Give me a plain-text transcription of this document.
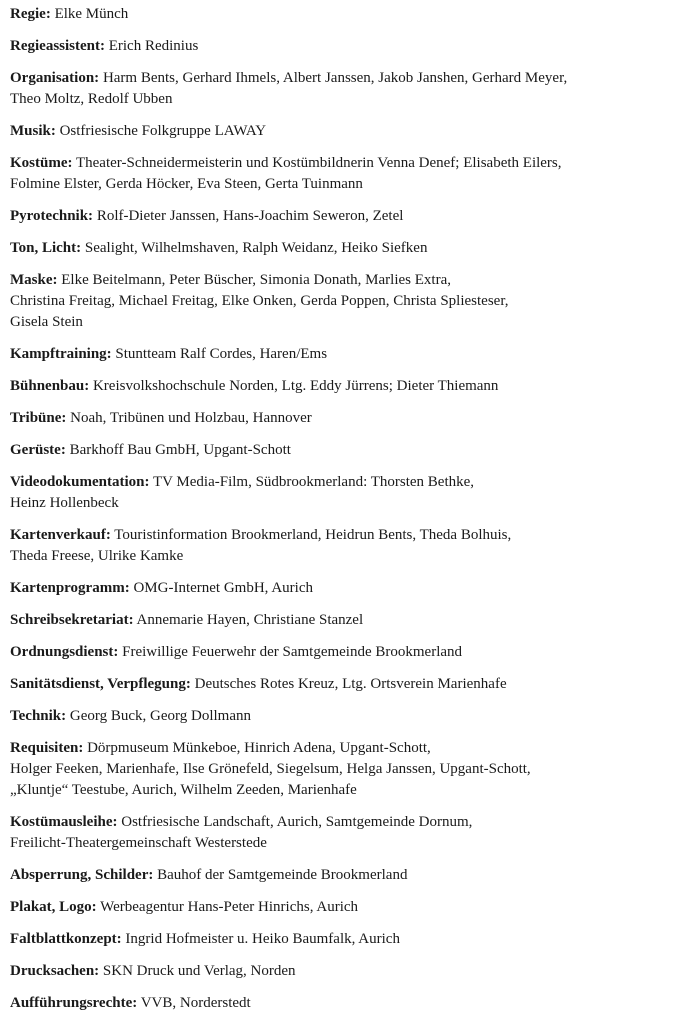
Regie: Elke Münch
Regieassistent: Erich Redinius
Organisation: Harm Bents, Gerhard Ihmels, Albert Janssen, Jakob Janshen, Gerhard Meyer,
Theo Moltz, Redolf Ubben
Musik: Ostfriesische Folkgruppe LAWAY
Kostüme: Theater-Schneidermeisterin und Kostümbildnerin Venna Denef; Elisabeth Eilers,
Folmine Elster, Gerda Höcker, Eva Steen, Gerta Tuinmann
Pyrotechnik: Rolf-Dieter Janssen, Hans-Joachim Seweron, Zetel
Ton, Licht: Sealight, Wilhelmshaven, Ralph Weidanz, Heiko Siefken
Maske: Elke Beitelmann, Peter Büscher, Simonia Donath, Marlies Extra,
Christina Freitag, Michael Freitag, Elke Onken, Gerda Poppen, Christa Spliesteser,
Gisela Stein
Kampftraining: Stuntteam Ralf Cordes, Haren/Ems
Bühnenbau: Kreisvolkshochschule Norden, Ltg. Eddy Jürrens; Dieter Thiemann
Tribüne: Noah, Tribünen und Holzbau, Hannover
Gerüste: Barkhoff Bau GmbH, Upgant-Schott
Videodokumentation: TV Media-Film, Südbrookmerland: Thorsten Bethke,
Heinz Hollenbeck
Kartenverkauf: Touristinformation Brookmerland, Heidrun Bents, Theda Bolhuis,
Theda Freese, Ulrike Kamke
Kartenprogramm: OMG-Internet GmbH, Aurich
Schreibsekretariat: Annemarie Hayen, Christiane Stanzel
Ordnungsdienst: Freiwillige Feuerwehr der Samtgemeinde Brookmerland
Sanitätsdienst, Verpflegung: Deutsches Rotes Kreuz, Ltg. Ortsverein Marienhafe
Technik: Georg Buck, Georg Dollmann
Requisiten: Dörpmuseum Münkeboe, Hinrich Adena, Upgant-Schott,
Holger Feeken, Marienhafe, Ilse Grönefeld, Siegelsum, Helga Janssen, Upgant-Schott,
„Kluntje“ Teestube, Aurich, Wilhelm Zeeden, Marienhafe
Kostümausleihe: Ostfriesische Landschaft, Aurich, Samtgemeinde Dornum,
Freilicht-Theatergemeinschaft Westerstede
Absperrung, Schilder: Bauhof der Samtgemeinde Brookmerland
Plakat, Logo: Werbeagentur Hans-Peter Hinrichs, Aurich
Faltblattkonzept: Ingrid Hofmeister u. Heiko Baumfalk, Aurich
Drucksachen: SKN Druck und Verlag, Norden
Aufführungsrechte: VVB, Norderstedt
